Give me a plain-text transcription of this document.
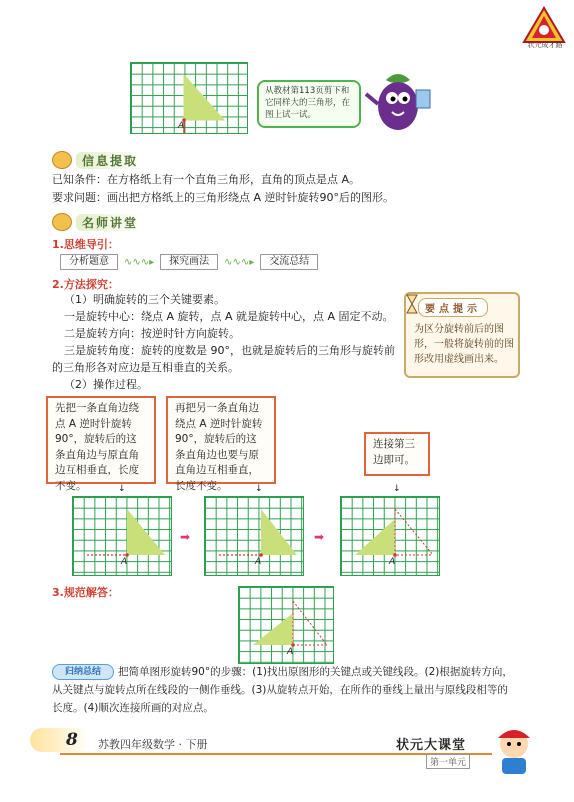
状元成才路
A
从教材第113页剪下和它同样大的三角形，在图上试一试。
信息提取
已知条件：在方格纸上有一个直角三角形，直角的顶点是点 A。
要求问题：画出把方格纸上的三角形绕点 A 逆时针旋转90°后的图形。
名师讲堂
1.思维导引：
分析题意	∿∿∿▸	探究画法	∿∿∿▸	交流总结
2.方法探究：
（1）明确旋转的三个关键要素。
一是旋转中心：绕点 A 旋转，点 A 就是旋转中心，点 A 固定不动。
二是旋转方向：按逆时针方向旋转。
三是旋转角度：旋转的度数是 90°，也就是旋转后的三角形与旋转前
的三角形各对应边是互相垂直的关系。
（2）操作过程。
要点提示
为区分旋转前后的图形，一般将旋转前的图形改用虚线画出来。
先把一条直角边绕点 A 逆时针旋转90°，旋转后的这条直角边与原直角边互相垂直，长度不变。
再把另一条直角边绕点 A 逆时针旋转90°，旋转后的这条直角边也要与原直角边互相垂直，长度不变。
连接第三边即可。
↓	↓	↓
A
➡
A
➡
A
3.规范解答：
A
归纳总结	把简单图形旋转90°的步骤：(1)找出原图形的关键点或关键线段。(2)根据旋转方向，
从关键点与旋转点所在线段的一侧作垂线。(3)从旋转点开始，在所作的垂线上量出与原线段相等的
长度。(4)顺次连接所画的对应点。
8 苏教四年级数学 · 下册	状元大课堂
第一单元
